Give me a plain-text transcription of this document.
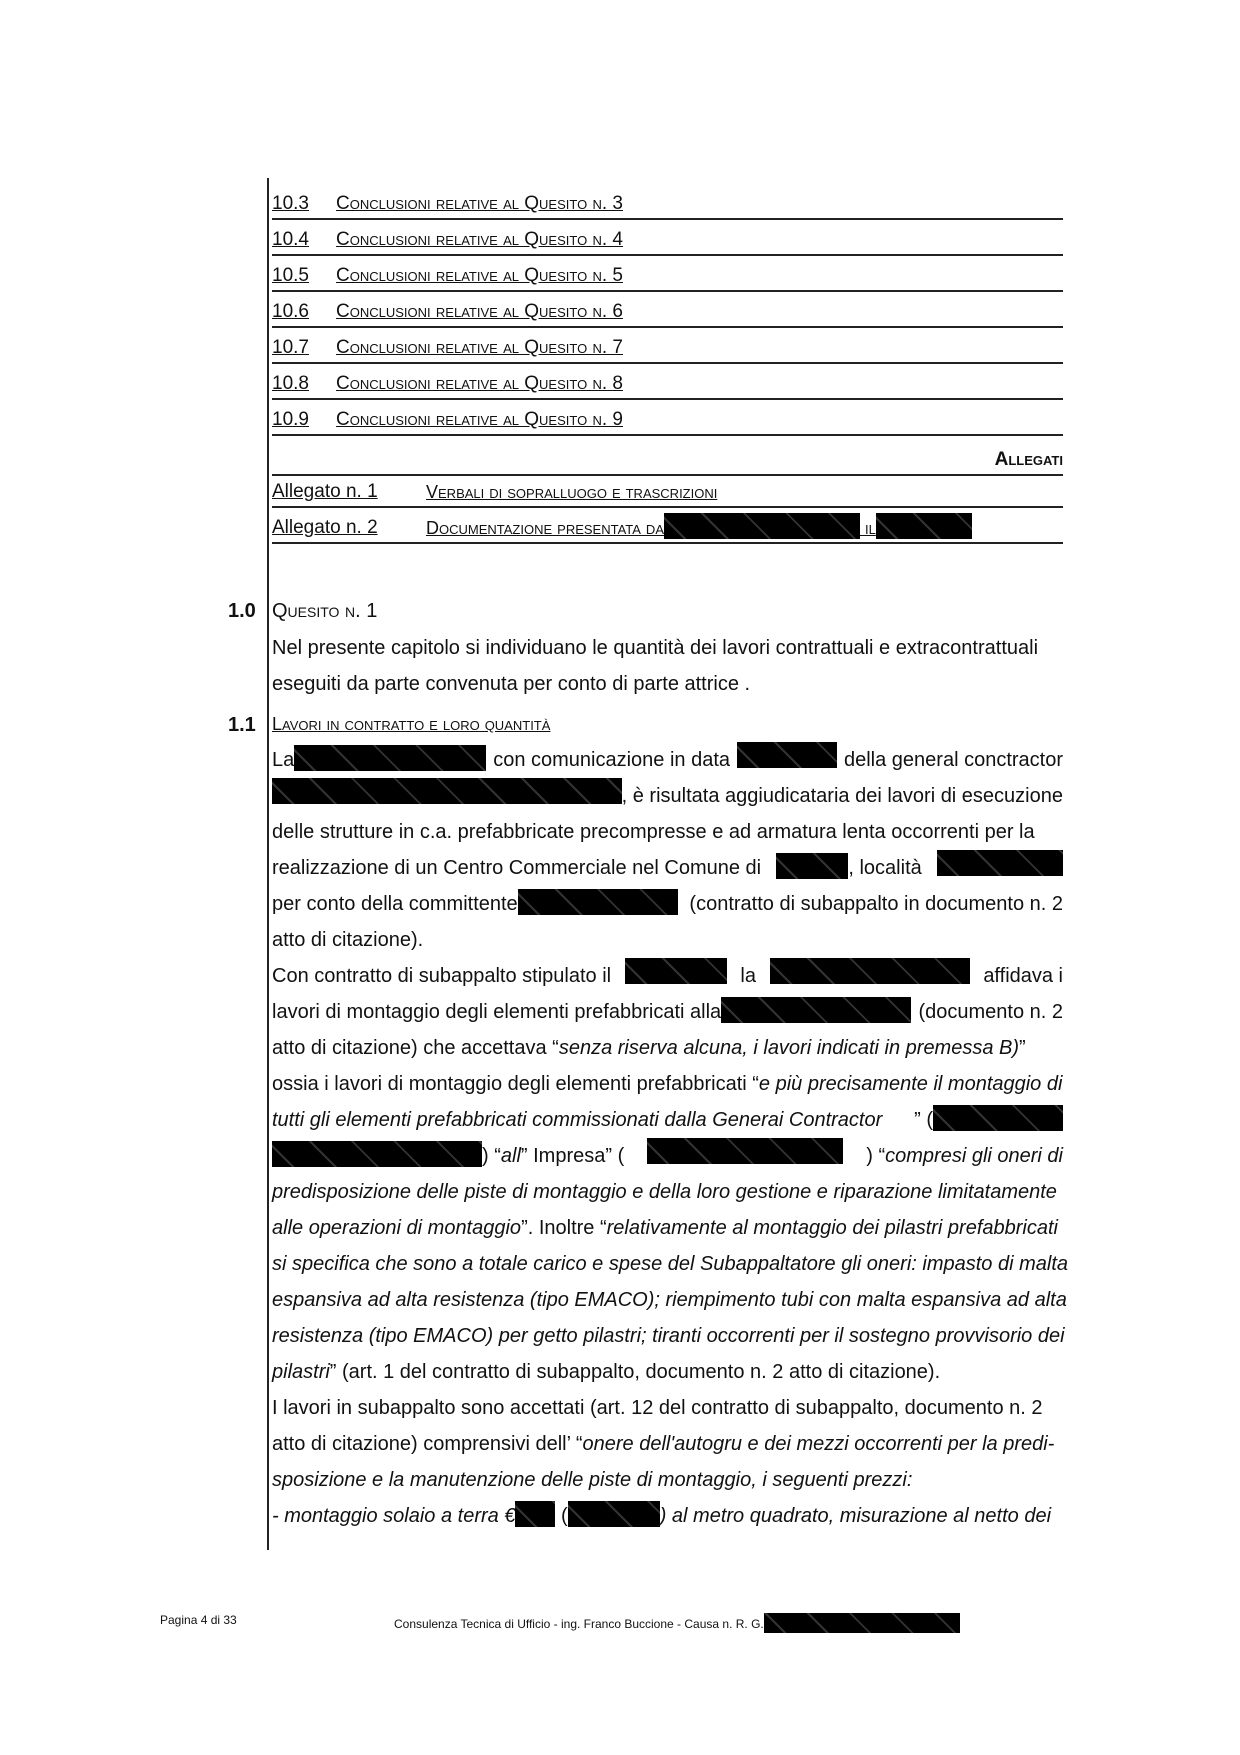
10.3 Conclusioni relative al Quesito n. 3
10.4 Conclusioni relative al Quesito n. 4
10.5 Conclusioni relative al Quesito n. 5
10.6 Conclusioni relative al Quesito n. 6
10.7 Conclusioni relative al Quesito n. 7
10.8 Conclusioni relative al Quesito n. 8
10.9 Conclusioni relative al Quesito n. 9
Allegati
Allegato n. 1	Verbali di sopralluogo e trascrizioni
Allegato n. 2	Documentazione presentata da	il
1.0 Quesito n. 1
Nel presente capitolo si individuano le quantità dei lavori contrattuali e extracontrattuali
eseguiti da parte convenuta per conto di parte attrice .
1.1 Lavori in contratto e loro quantità
La	con comunicazione in data	della general conctractor
, è risultata aggiudicataria dei lavori di esecuzione
delle strutture in c.a. prefabbricate precompresse e ad armatura lenta occorrenti per la
realizzazione di un Centro Commerciale nel Comune di	, località
per conto della committente	(contratto di subappalto in documento n. 2
atto di citazione).
Con contratto di subappalto stipulato il	la	affidava i
lavori di montaggio degli elementi prefabbricati alla	(documento n. 2
atto di citazione) che accettava “senza riserva alcuna, i lavori indicati in premessa B)”
ossia i lavori di montaggio degli elementi prefabbricati “e più precisamente il montaggio di
tutti gli elementi prefabbricati commissionati dalla Generai Contractor ” (
) “all” Impresa” (	) “compresi gli oneri di
predisposizione delle piste di montaggio e della loro gestione e riparazione limitatamente
alle operazioni di montaggio”. Inoltre “relativamente al montaggio dei pilastri prefabbricati
si specifica che sono a totale carico e spese del Subappaltatore gli oneri: impasto di malta
espansiva ad alta resistenza (tipo EMACO); riempimento tubi con malta espansiva ad alta
resistenza (tipo EMACO) per getto pilastri; tiranti occorrenti per il sostegno provvisorio dei
pilastri” (art. 1 del contratto di subappalto, documento n. 2 atto di citazione).
I lavori in subappalto sono accettati (art. 12 del contratto di subappalto, documento n. 2
atto di citazione) comprensivi dell’ “onere dell'autogru e dei mezzi occorrenti per la predi-
sposizione e la manutenzione delle piste di montaggio, i seguenti prezzi:
- montaggio solaio a terra € (	) al metro quadrato, misurazione al netto dei
Pagina 4 di 33	Consulenza Tecnica di Ufficio - ing. Franco Buccione - Causa n. R. G.
